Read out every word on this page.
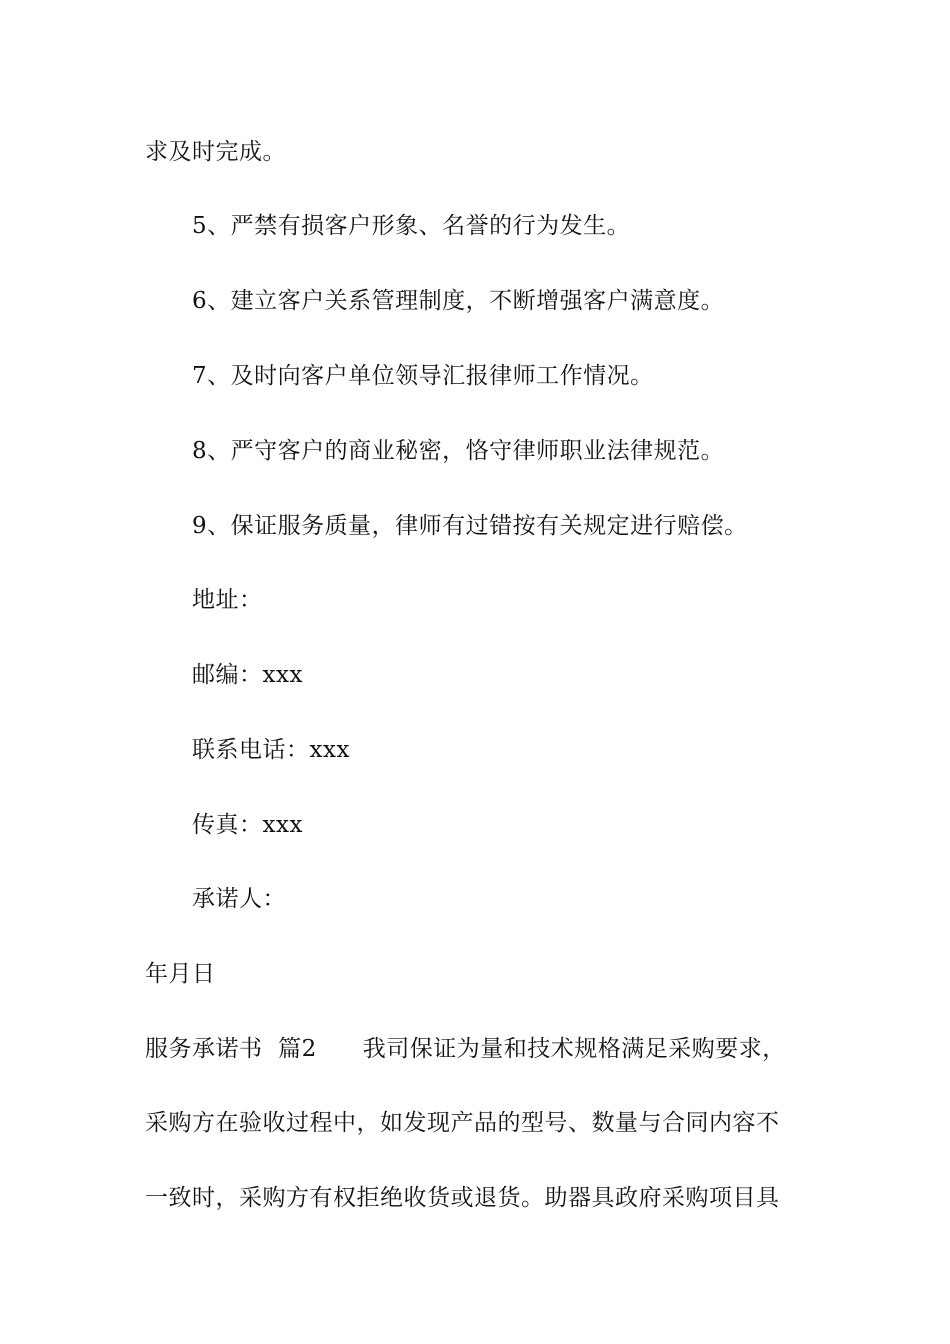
求及时完成。
5、严禁有损客户形象、名誉的行为发生。
6、建立客户关系管理制度，不断增强客户满意度。
7、及时向客户单位领导汇报律师工作情况。
8、严守客户的商业秘密，恪守律师职业法律规范。
9、保证服务质量，律师有过错按有关规定进行赔偿。
地址：
邮编：xxx
联系电话：xxx
传真：xxx
承诺人：
年月日
服务承诺书  篇2 我司保证为量和技术规格满足采购要求，
采购方在验收过程中，如发现产品的型号、数量与合同内容不
一致时，采购方有权拒绝收货或退货。助器具政府采购项目具
